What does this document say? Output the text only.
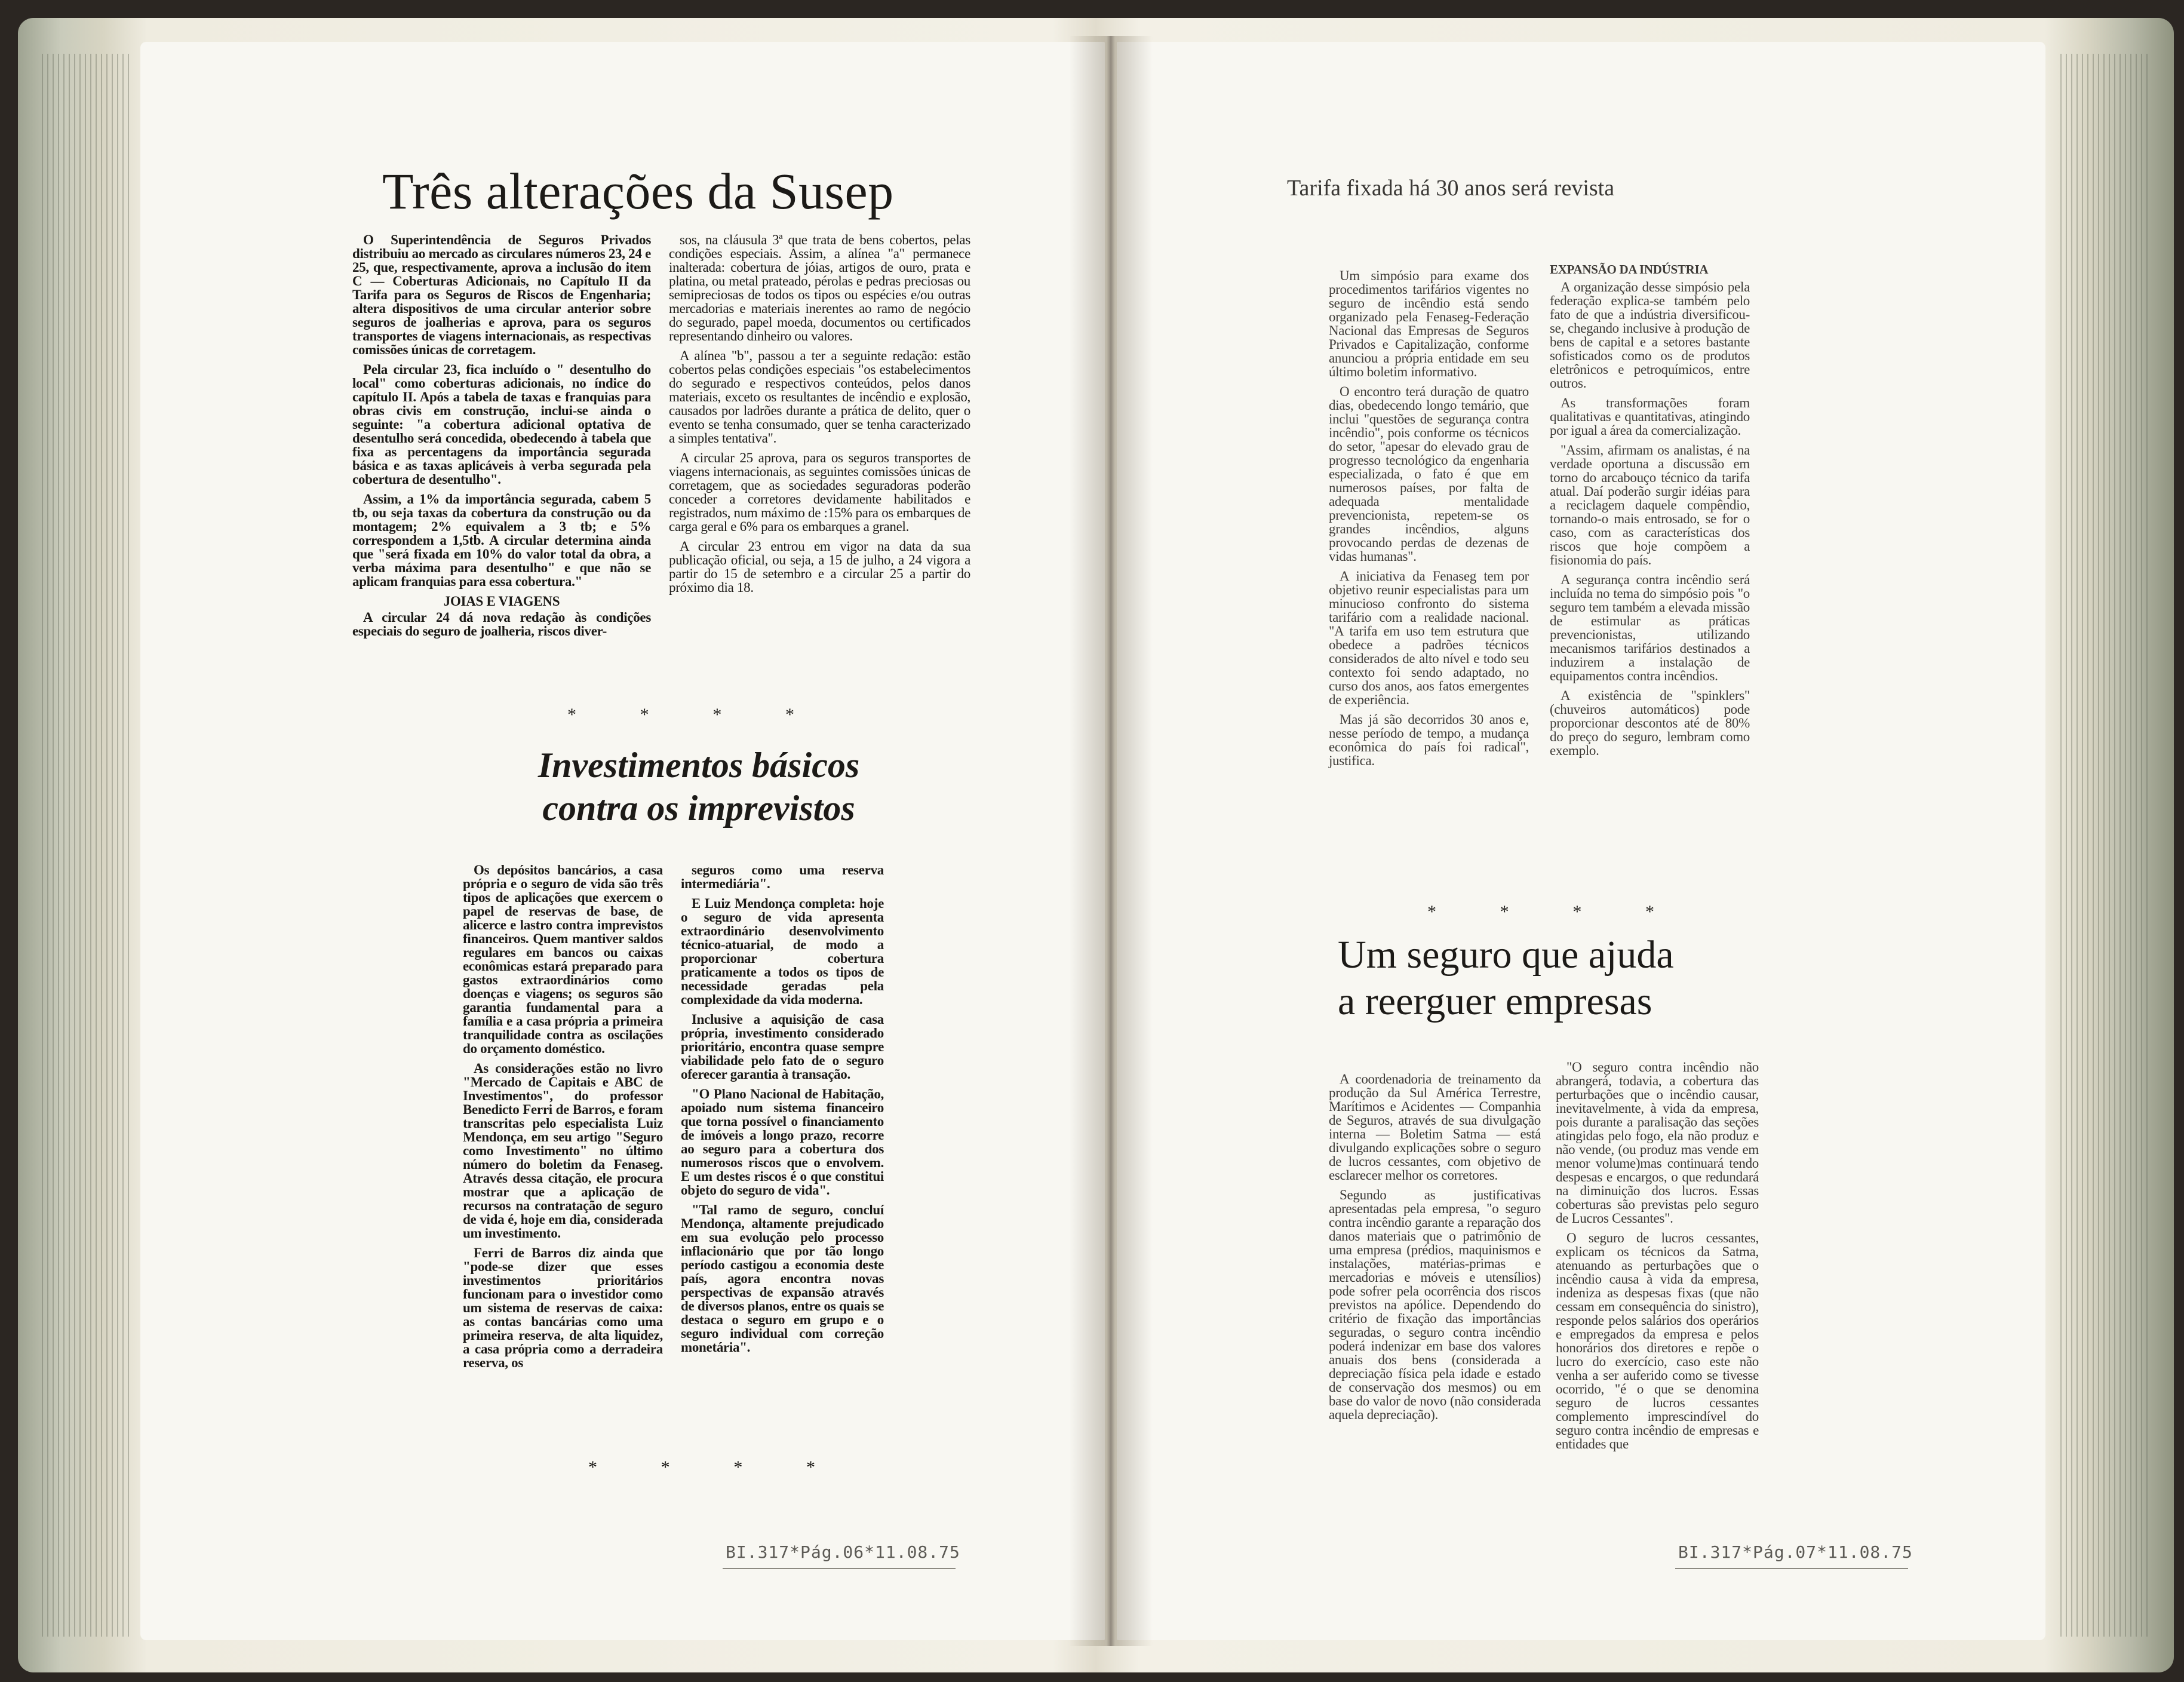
Três alterações da Susep

O Superintendência de Seguros Privados distribuiu ao mercado as circulares números 23, 24 e 25, que, respectivamente, aprova a inclusão do item C — Coberturas Adicionais, no Capítulo II da Tarifa para os Seguros de Riscos de Engenharia; altera dispositivos de uma circular anterior sobre seguros de joalherias e aprova, para os seguros transportes de viagens internacionais, as respectivas comissões únicas de corretagem.

Pela circular 23, fica incluído o " desentulho do local" como coberturas adicionais, no índice do capítulo II. Após a tabela de taxas e franquias para obras civis em construção, inclui-se ainda o seguinte: "a cobertura adicional optativa de desentulho será concedida, obedecendo à tabela que fixa as percentagens da importância segurada básica e as taxas aplicáveis à verba segurada pela cobertura de desentulho".

Assim, a 1% da importância segurada, cabem 5 tb, ou seja taxas da cobertura da construção ou da montagem; 2% equivalem a 3 tb; e 5% correspondem a 1,5tb. A circular determina ainda que "será fixada em 10% do valor total da obra, a verba máxima para desentulho" e que não se aplicam franquias para essa cobertura."

JOIAS E VIAGENS

A circular 24 dá nova redação às condições especiais do seguro de joalheria, riscos diver-

sos, na cláusula 3ª que trata de bens cobertos, pelas condições especiais. Assim, a alínea "a" permanece inalterada: cobertura de jóias, artigos de ouro, prata e platina, ou metal prateado, pérolas e pedras preciosas ou semipreciosas de todos os tipos ou espécies e/ou outras mercadorias e materiais inerentes ao ramo de negócio do segurado, papel moeda, documentos ou certificados representando dinheiro ou valores.

A alínea "b", passou a ter a seguinte redação: estão cobertos pelas condições especiais "os estabelecimentos do segurado e respectivos conteúdos, pelos danos materiais, exceto os resultantes de incêndio e explosão, causados por ladrões durante a prática de delito, quer o evento se tenha consumado, quer se tenha caracterizado a simples tentativa".

A circular 25 aprova, para os seguros transportes de viagens internacionais, as seguintes comissões únicas de corretagem, que as sociedades seguradoras poderão conceder a corretores devidamente habilitados e registrados, num máximo de :15% para os embarques de carga geral e 6% para os embarques a granel.

A circular 23 entrou em vigor na data da sua publicação oficial, ou seja, a 15 de julho, a 24 vigora a partir do 15 de setembro e a circular 25 a partir do próximo dia 18.

*	*	*	*
Investimentos básicos
contra os imprevistos

Os depósitos bancários, a casa própria e o seguro de vida são três tipos de aplicações que exercem o papel de reservas de base, de alicerce e lastro contra imprevistos financeiros. Quem mantiver saldos regulares em bancos ou caixas econômicas estará preparado para gastos extraordinários como doenças e viagens; os seguros são garantia fundamental para a família e a casa própria a primeira tranquilidade contra as oscilações do orçamento doméstico.

As considerações estão no livro "Mercado de Capitais e ABC de Investimentos", do professor Benedicto Ferri de Barros, e foram transcritas pelo especialista Luiz Mendonça, em seu artigo "Seguro como Investimento" no último número do boletim da Fenaseg. Através dessa citação, ele procura mostrar que a aplicação de recursos na contratação de seguro de vida é, hoje em dia, considerada um investimento.

Ferri de Barros diz ainda que "pode-se dizer que esses investimentos prioritários funcionam para o investidor como um sistema de reservas de caixa: as contas bancárias como uma primeira reserva, de alta liquidez, a casa própria como a derradeira reserva, os

seguros como uma reserva intermediária".

E Luiz Mendonça completa: hoje o seguro de vida apresenta extraordinário desenvolvimento técnico-atuarial, de modo a proporcionar cobertura praticamente a todos os tipos de necessidade geradas pela complexidade da vida moderna.

Inclusive a aquisição de casa própria, investimento considerado prioritário, encontra quase sempre viabilidade pelo fato de o seguro oferecer garantia à transação.

"O Plano Nacional de Habitação, apoiado num sistema financeiro que torna possível o financiamento de imóveis a longo prazo, recorre ao seguro para a cobertura dos numerosos riscos que o envolvem. E um destes riscos é o que constitui objeto do seguro de vida".

"Tal ramo de seguro, concluí Mendonça, altamente prejudicado em sua evolução pelo processo inflacionário que por tão longo período castigou a economia deste país, agora encontra novas perspectivas de expansão através de diversos planos, entre os quais se destaca o seguro em grupo e o seguro individual com correção monetária".

*	*	*	*
BI.317*Pág.06*11.08.75
Tarifa fixada há 30 anos será revista

Um simpósio para exame dos procedimentos tarifários vigentes no seguro de incêndio está sendo organizado pela Fenaseg-Federação Nacional das Empresas de Seguros Privados e Capitalização, conforme anunciou a própria entidade em seu último boletim informativo.

O encontro terá duração de quatro dias, obedecendo longo temário, que inclui "questões de segurança contra incêndio", pois conforme os técnicos do setor, "apesar do elevado grau de progresso tecnológico da engenharia especializada, o fato é que em numerosos países, por falta de adequada mentalidade prevencionista, repetem-se os grandes incêndios, alguns provocando perdas de dezenas de vidas humanas".

A iniciativa da Fenaseg tem por objetivo reunir especialistas para um minucioso confronto do sistema tarifário com a realidade nacional. "A tarifa em uso tem estrutura que obedece a padrões técnicos considerados de alto nível e todo seu contexto foi sendo adaptado, no curso dos anos, aos fatos emergentes de experiência.

Mas já são decorridos 30 anos e, nesse período de tempo, a mudança econômica do país foi radical", justifica.

EXPANSÃO DA INDÚSTRIA

A organização desse simpósio pela federação explica-se também pelo fato de que a indústria diversificou-se, chegando inclusive à produção de bens de capital e a setores bastante sofisticados como os de produtos eletrônicos e petroquímicos, entre outros.

As transformações foram qualitativas e quantitativas, atingindo por igual a área da comercialização.

"Assim, afirmam os analistas, é na verdade oportuna a discussão em torno do arcabouço técnico da tarifa atual. Daí poderão surgir idéias para a reciclagem daquele compêndio, tornando-o mais entrosado, se for o caso, com as características dos riscos que hoje compõem a fisionomia do país.

A segurança contra incêndio será incluída no tema do simpósio pois "o seguro tem também a elevada missão de estimular as práticas prevencionistas, utilizando mecanismos tarifários destinados a induzirem a instalação de equipamentos contra incêndios.

A existência de "spinklers" (chuveiros automáticos) pode proporcionar descontos até de 80% do preço do seguro, lembram como exemplo.

*	*	*	*
Um seguro que ajuda
a reerguer empresas

A coordenadoria de treinamento da produção da Sul América Terrestre, Marítimos e Acidentes — Companhia de Seguros, através de sua divulgação interna — Boletim Satma — está divulgando explicações sobre o seguro de lucros cessantes, com objetivo de esclarecer melhor os corretores.

Segundo as justificativas apresentadas pela empresa, "o seguro contra incêndio garante a reparação dos danos materiais que o patrimônio de uma empresa (prédios, maquinismos e instalações, matérias-primas e mercadorias e móveis e utensílios) pode sofrer pela ocorrência dos riscos previstos na apólice. Dependendo do critério de fixação das importâncias seguradas, o seguro contra incêndio poderá indenizar em base dos valores anuais dos bens (considerada a depreciação física pela idade e estado de conservação dos mesmos) ou em base do valor de novo (não considerada aquela depreciação).

"O seguro contra incêndio não abrangerá, todavia, a cobertura das perturbações que o incêndio causar, inevitavelmente, à vida da empresa, pois durante a paralisação das seções atingidas pelo fogo, ela não produz e não vende, (ou produz mas vende em menor volume)mas continuará tendo despesas e encargos, o que redundará na diminuição dos lucros. Essas coberturas são previstas pelo seguro de Lucros Cessantes".

O seguro de lucros cessantes, explicam os técnicos da Satma, atenuando as perturbações que o incêndio causa à vida da empresa, indeniza as despesas fixas (que não cessam em consequência do sinistro), responde pelos salários dos operários e empregados da empresa e pelos honorários dos diretores e repõe o lucro do exercício, caso este não venha a ser auferido como se tivesse ocorrido, "é o que se denomina seguro de lucros cessantes complemento imprescindível do seguro contra incêndio de empresas e entidades que

BI.317*Pág.07*11.08.75
